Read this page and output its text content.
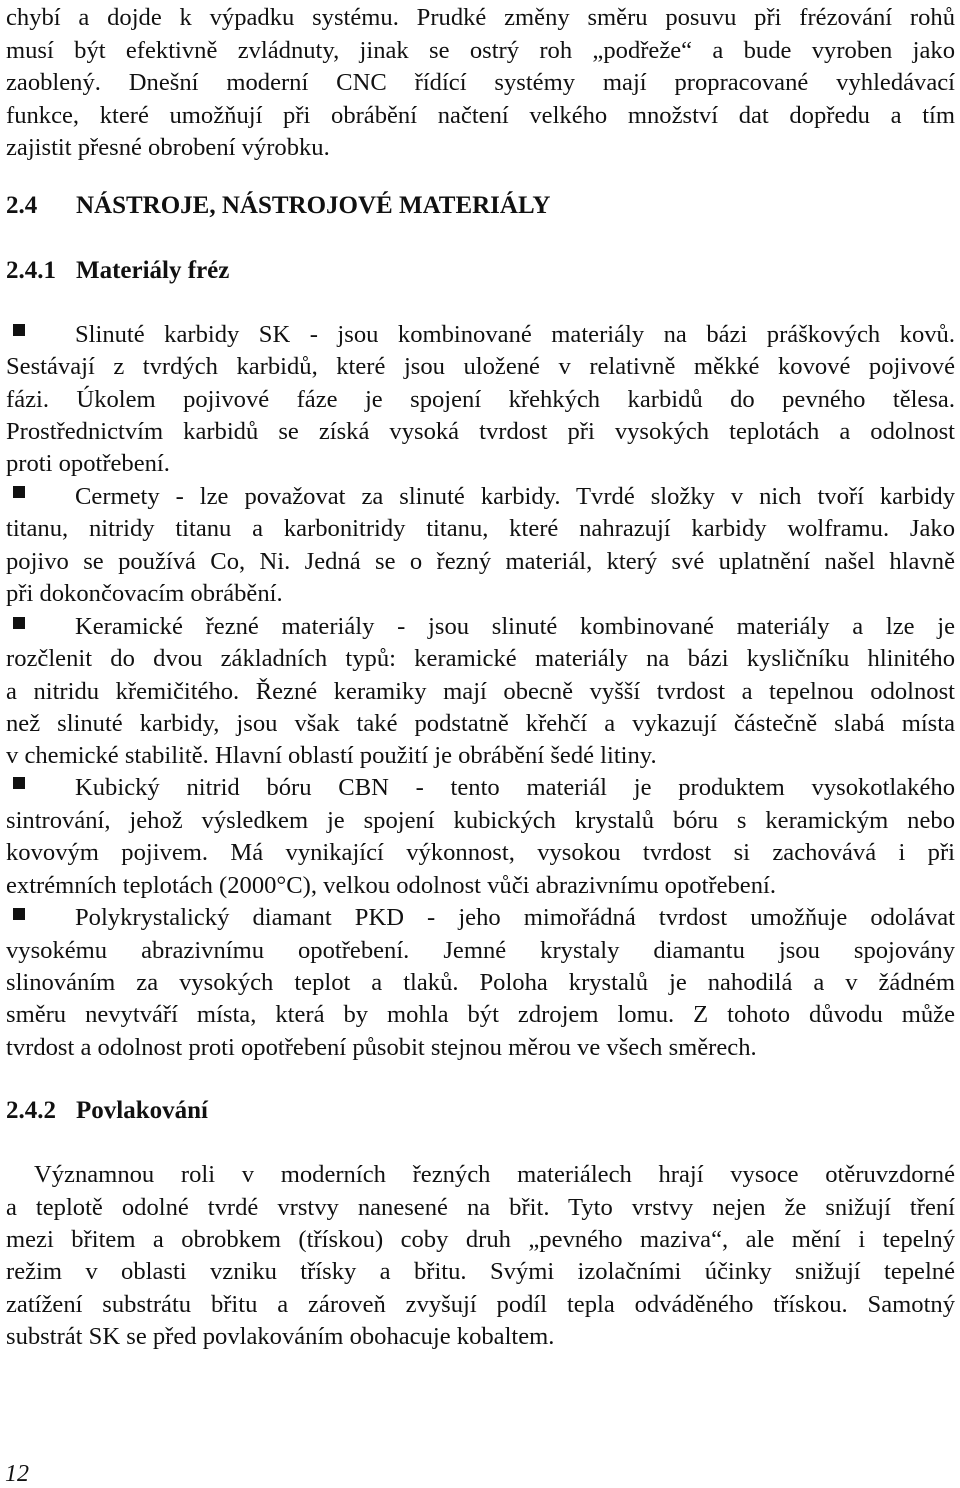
chybí a dojde k výpadku systému. Prudké změny směru posuvu při frézování rohů
musí být efektivně zvládnuty, jinak se ostrý roh „podřeže“ a bude vyroben jako
zaoblený. Dnešní moderní CNC řídící systémy mají propracované vyhledávací
funkce, které umožňují při obrábění načtení velkého množství dat dopředu a tím
zajistit přesné obrobení výrobku.
2.4 NÁSTROJE, NÁSTROJOVÉ MATERIÁLY
2.4.1 Materiály fréz
Slinuté karbidy SK - jsou kombinované materiály na bázi práškových kovů.
Sestávají z tvrdých karbidů, které jsou uložené v relativně měkké kovové pojivové
fázi. Úkolem pojivové fáze je spojení křehkých karbidů do pevného tělesa.
Prostřednictvím karbidů se získá vysoká tvrdost při vysokých teplotách a odolnost
proti opotřebení.
Cermety - lze považovat za slinuté karbidy. Tvrdé složky v nich tvoří karbidy
titanu, nitridy titanu a karbonitridy titanu, které nahrazují karbidy wolframu. Jako
pojivo se používá Co, Ni. Jedná se o řezný materiál, který své uplatnění našel hlavně
při dokončovacím obrábění.
Keramické řezné materiály - jsou slinuté kombinované materiály a lze je
rozčlenit do dvou základních typů: keramické materiály na bázi kysličníku hlinitého
a nitridu křemičitého. Řezné keramiky mají obecně vyšší tvrdost a tepelnou odolnost
než slinuté karbidy, jsou však také podstatně křehčí a vykazují částečně slabá místa
v chemické stabilitě. Hlavní oblastí použití je obrábění šedé litiny.
Kubický nitrid bóru CBN - tento materiál je produktem vysokotlakého
sintrování, jehož výsledkem je spojení kubických krystalů bóru s keramickým nebo
kovovým pojivem. Má vynikající výkonnost, vysokou tvrdost si zachovává i při
extrémních teplotách (2000°C), velkou odolnost vůči abrazivnímu opotřebení.
Polykrystalický diamant PKD - jeho mimořádná tvrdost umožňuje odolávat
vysokému abrazivnímu opotřebení. Jemné krystaly diamantu jsou spojovány
slinováním za vysokých teplot a tlaků. Poloha krystalů je nahodilá a v žádném
směru nevytváří místa, která by mohla být zdrojem lomu. Z tohoto důvodu může
tvrdost a odolnost proti opotřebení působit stejnou měrou ve všech směrech.
2.4.2 Povlakování
Významnou roli v moderních řezných materiálech hrají vysoce otěruvzdorné
a teplotě odolné tvrdé vrstvy nanesené na břit. Tyto vrstvy nejen že snižují tření
mezi břitem a obrobkem (třískou) coby druh „pevného maziva“, ale mění i tepelný
režim v oblasti vzniku třísky a břitu. Svými izolačními účinky snižují tepelné
zatížení substrátu břitu a zároveň zvyšují podíl tepla odváděného třískou. Samotný
substrát SK se před povlakováním obohacuje kobaltem.
12
